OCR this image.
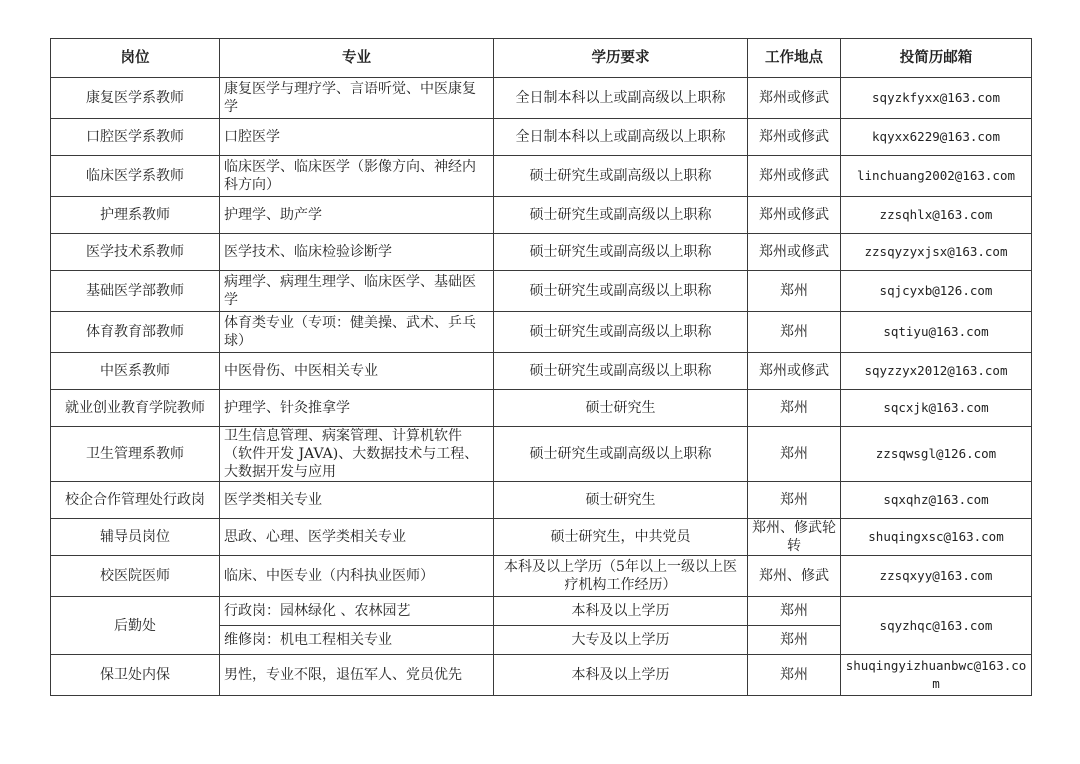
岗位	专业	学历要求	工作地点	投简历邮箱
康复医学系教师	康复医学与理疗学、言语听觉、中医康复学	全日制本科以上或副高级以上职称	郑州或修武	sqyzkfyxx@163.com
口腔医学系教师	口腔医学	全日制本科以上或副高级以上职称	郑州或修武	kqyxx6229@163.com
临床医学系教师	临床医学、临床医学（影像方向、神经内科方向）	硕士研究生或副高级以上职称	郑州或修武	linchuang2002@163.com
护理系教师	护理学、助产学	硕士研究生或副高级以上职称	郑州或修武	zzsqhlx@163.com
医学技术系教师	医学技术、临床检验诊断学	硕士研究生或副高级以上职称	郑州或修武	zzsqyzyxjsx@163.com
基础医学部教师	病理学、病理生理学、临床医学、基础医学	硕士研究生或副高级以上职称	郑州	sqjcyxb@126.com
体育教育部教师	体育类专业（专项：健美操、武术、乒乓球）	硕士研究生或副高级以上职称	郑州	sqtiyu@163.com
中医系教师	中医骨伤、中医相关专业	硕士研究生或副高级以上职称	郑州或修武	sqyzzyx2012@163.com
就业创业教育学院教师	护理学、针灸推拿学	硕士研究生	郑州	sqcxjk@163.com
卫生管理系教师	卫生信息管理、病案管理、计算机软件（软件开发 JAVA)、大数据技术与工程、大数据开发与应用	硕士研究生或副高级以上职称	郑州	zzsqwsgl@126.com
校企合作管理处行政岗	医学类相关专业	硕士研究生	郑州	sqxqhz@163.com
辅导员岗位	思政、心理、医学类相关专业	硕士研究生，中共党员	郑州、修武轮转	shuqingxsc@163.com
校医院医师	临床、中医专业（内科执业医师）	本科及以上学历（5年以上一级以上医疗机构工作经历）	郑州、修武	zzsqxyy@163.com
后勤处	行政岗：园林绿化 、农林园艺	本科及以上学历	郑州	sqyzhqc@163.com
	维修岗：机电工程相关专业	大专及以上学历	郑州	
保卫处内保	男性，专业不限，退伍军人、党员优先	本科及以上学历	郑州	shuqingyizhuanbwc@163.com
